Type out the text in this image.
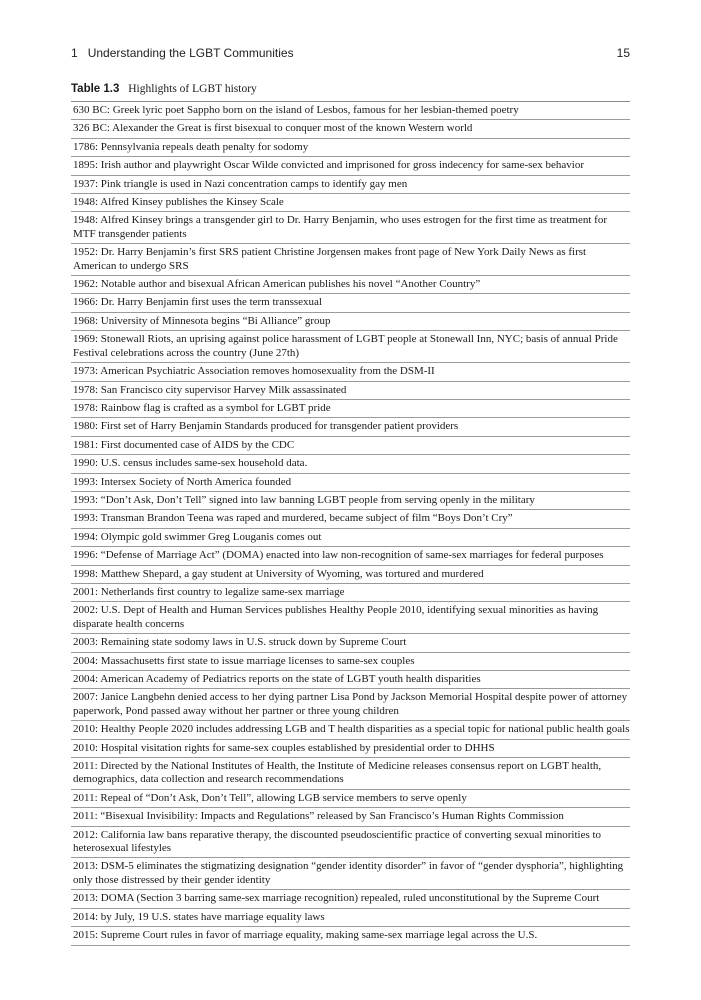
1 Understanding the LGBT Communities	15
Table 1.3 Highlights of LGBT history
630 BC: Greek lyric poet Sappho born on the island of Lesbos, famous for her lesbian-themed poetry
326 BC: Alexander the Great is first bisexual to conquer most of the known Western world
1786: Pennsylvania repeals death penalty for sodomy
1895: Irish author and playwright Oscar Wilde convicted and imprisoned for gross indecency for same-sex behavior
1937: Pink triangle is used in Nazi concentration camps to identify gay men
1948: Alfred Kinsey publishes the Kinsey Scale
1948: Alfred Kinsey brings a transgender girl to Dr. Harry Benjamin, who uses estrogen for the first time as treatment for MTF transgender patients
1952: Dr. Harry Benjamin’s first SRS patient Christine Jorgensen makes front page of New York Daily News as first American to undergo SRS
1962: Notable author and bisexual African American publishes his novel “Another Country”
1966: Dr. Harry Benjamin first uses the term transsexual
1968: University of Minnesota begins “Bi Alliance” group
1969: Stonewall Riots, an uprising against police harassment of LGBT people at Stonewall Inn, NYC; basis of annual Pride Festival celebrations across the country (June 27th)
1973: American Psychiatric Association removes homosexuality from the DSM-II
1978: San Francisco city supervisor Harvey Milk assassinated
1978: Rainbow flag is crafted as a symbol for LGBT pride
1980: First set of Harry Benjamin Standards produced for transgender patient providers
1981: First documented case of AIDS by the CDC
1990: U.S. census includes same-sex household data.
1993: Intersex Society of North America founded
1993: “Don’t Ask, Don’t Tell” signed into law banning LGBT people from serving openly in the military
1993: Transman Brandon Teena was raped and murdered, became subject of film “Boys Don’t Cry”
1994: Olympic gold swimmer Greg Louganis comes out
1996: “Defense of Marriage Act” (DOMA) enacted into law non-recognition of same-sex marriages for federal purposes
1998: Matthew Shepard, a gay student at University of Wyoming, was tortured and murdered
2001: Netherlands first country to legalize same-sex marriage
2002: U.S. Dept of Health and Human Services publishes Healthy People 2010, identifying sexual minorities as having disparate health concerns
2003: Remaining state sodomy laws in U.S. struck down by Supreme Court
2004: Massachusetts first state to issue marriage licenses to same-sex couples
2004: American Academy of Pediatrics reports on the state of LGBT youth health disparities
2007: Janice Langbehn denied access to her dying partner Lisa Pond by Jackson Memorial Hospital despite power of attorney paperwork, Pond passed away without her partner or three young children
2010: Healthy People 2020 includes addressing LGB and T health disparities as a special topic for national public health goals
2010: Hospital visitation rights for same-sex couples established by presidential order to DHHS
2011: Directed by the National Institutes of Health, the Institute of Medicine releases consensus report on LGBT health, demographics, data collection and research recommendations
2011: Repeal of “Don’t Ask, Don’t Tell”, allowing LGB service members to serve openly
2011: “Bisexual Invisibility: Impacts and Regulations” released by San Francisco’s Human Rights Commission
2012: California law bans reparative therapy, the discounted pseudoscientific practice of converting sexual minorities to heterosexual lifestyles
2013: DSM-5 eliminates the stigmatizing designation “gender identity disorder” in favor of “gender dysphoria”, highlighting only those distressed by their gender identity
2013: DOMA (Section 3 barring same-sex marriage recognition) repealed, ruled unconstitutional by the Supreme Court
2014: by July, 19 U.S. states have marriage equality laws
2015: Supreme Court rules in favor of marriage equality, making same-sex marriage legal across the U.S.
